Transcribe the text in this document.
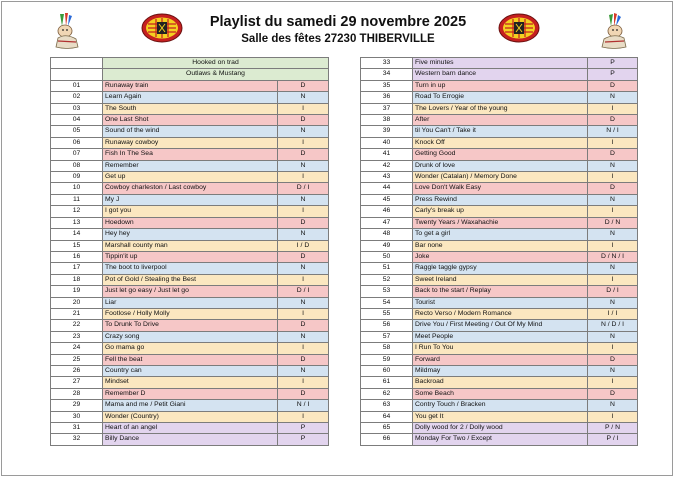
Playlist du samedi 29 novembre 2025
Salle des fêtes 27230 THIBERVILLE
	Hooked on trad	
	Outlaws & Mustang	
01	Runaway train	D
02	Learn Again	N
03	The South	I
04	One Last Shot	D
05	Sound of the wind	N
06	Runaway cowboy	I
07	Fish In The Sea	D
08	Remember	N
09	Get up	I
10	Cowboy charleston / Last cowboy	D / I
11	My J	N
12	I got you	I
13	Hoedown	D
14	Hey hey	N
15	Marshall county man	I / D
16	Tippin'it up	D
17	The boot to liverpool	N
18	Pot of Gold / Stealing the Best	I
19	Just let go easy / Just let go	D / I
20	Liar	N
21	Footlose / Holly Molly	I
22	To Drunk To Drive	D
23	Crazy song	N
24	Go mama go	I
25	Fell the beat	D
26	Country can	N
27	Mindset	I
28	Remember D	D
29	Mama and me / Petit Giani	N / I
30	Wonder (Country)	I
31	Heart of an angel	P
32	Billy Dance	P
33	Five minutes	P
34	Western barn dance	P
35	Turn in up	D
36	Road To Errogie	N
37	The Lovers / Year of the young	I
38	After	D
39	til You Can't / Take it	N / I
40	Knock Off	I
41	Getting Good	D
42	Drunk of love	N
43	Wonder (Catalan) / Memory Done	I
44	Love Don't Walk Easy	D
45	Press Rewind	N
46	Carly's break up	I
47	Twenty Years / Waxahachie	D / N
48	To get a girl	N
49	Bar none	I
50	Joke	D / N / I
51	Raggle taggle gypsy	N
52	Sweet Ireland	I
53	Back to the start / Replay	D / I
54	Tourist	N
55	Recto Verso / Modern Romance	I / I
56	Drive You / First Meeting / Out Of My Mind	N / D / I
57	Meet People	N
58	I Run To You	I
59	Forward	D
60	Mildmay	N
61	Backroad	I
62	Some Beach	D
63	Contry Touch / Bracken	N
64	You get It	I
65	Dolly wood for 2 / Dolly wood	P / N
66	Monday For Two / Except	P / I
